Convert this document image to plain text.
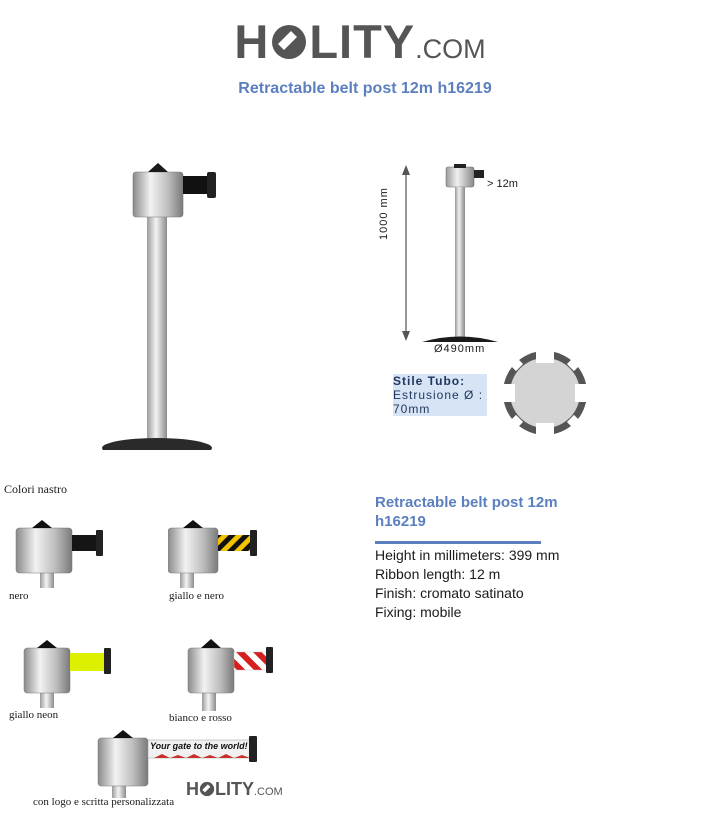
H LITY.COM
Retractable belt post 12m h16219
1000 mm
> 12m
Ø490mm
Stile Tubo:
Estrusione Ø :
70mm
Colori nastro
nero	giallo e nero
giallo neon	bianco e rosso
Your gate to the world!
con logo e scritta personalizzata
H LITY.COM
Retractable belt post 12m h16219
Height in millimeters: 399 mm
Ribbon length: 12 m
Finish: cromato satinato
Fixing: mobile
